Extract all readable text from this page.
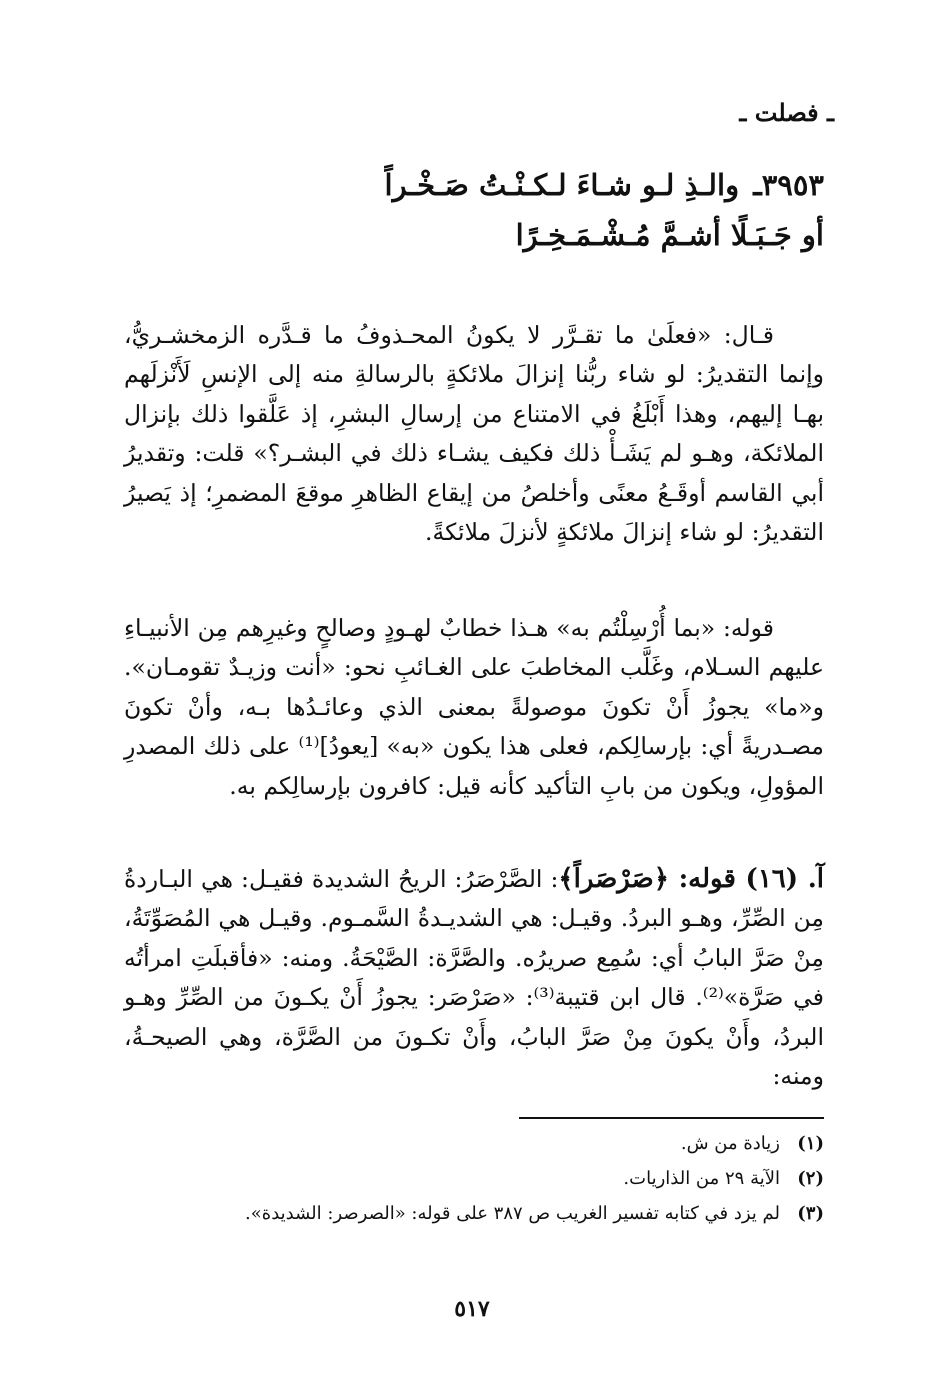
ـ فصلت ـ
٣٩٥٣ـ والـذِ لـو شـاءَ لـكـنْـتُ صَـخْـراً
أو جَـبَـلًا أشـمَّ مُـشْـمَـخِـرًا

قـال: «فعلَىٰ ما تقـرَّر لا يكونُ المحـذوفُ ما قـدَّره الزمخشـريُّ، وإنما التقديرُ: لو شاء ربُّنا إنزالَ ملائكةٍ بالرسالةِ منه إلى الإنسِ لَأَنْزلَهم بهـا إليهم، وهذا أَبْلَغُ في الامتناع من إرسالِ البشرِ، إذ عَلَّقوا ذلك بإنزال الملائكة، وهـو لم يَشَـأْ ذلك فكيف يشـاء ذلك في البشـر؟» قلت: وتقديرُ أبي القاسم أوقَـعُ معنًى وأخلصُ من إيقاع الظاهرِ موقعَ المضمرِ؛ إذ يَصيرُ التقديرُ: لو شاء إنزالَ ملائكةٍ لأنزلَ ملائكةً.

قوله: «بما أُرْسِلْتُم به» هـذا خطابٌ لهـودٍ وصالحٍ وغيرِهم مِن الأنبيـاءِ عليهم السـلام، وغَلَّب المخاطبَ على الغـائبِ نحو: «أنت وزيـدٌ تقومـان». و«ما» يجوزُ أَنْ تكونَ موصولةً بمعنى الذي وعائـدُها بـه، وأنْ تكونَ مصـدريةً أي: بإرسالِكم، فعلى هذا يكون «به» [يعودُ]⁽¹⁾ على ذلك المصدرِ المؤولِ، ويكون من بابِ التأكيد كأنه قيل: كافرون بإرسالِكم به.

آ. (١٦) قوله: ﴿صَرْصَراً﴾: الصَّرْصَرُ: الريحُ الشديدة فقيـل: هي البـاردةُ مِن الصِّرِّ، وهـو البردُ. وقيـل: هي الشديـدةُ السَّمـوم. وقيـل هي المُصَوِّتَةُ، مِنْ صَرَّ البابُ أي: سُمِع صريرُه. والصَّرَّة: الصَّيْحَةُ. ومنه: «فأقبلَتِ امرأتُه في صَرَّة»⁽²⁾. قال ابن قتيبة⁽³⁾: «صَرْصَر: يجوزُ أَنْ يكـونَ من الصِّرِّ وهـو البردُ، وأَنْ يكونَ مِنْ صَرَّ البابُ، وأَنْ تكـونَ من الصَّرَّة، وهي الصيحـةُ، ومنه:

(١)زيادة من ش.
(٢)الآية ٢٩ من الذاريات.
(٣)لم يزد في كتابه تفسير الغريب ص ٣٨٧ على قوله: «الصرصر: الشديدة».
٥١٧
